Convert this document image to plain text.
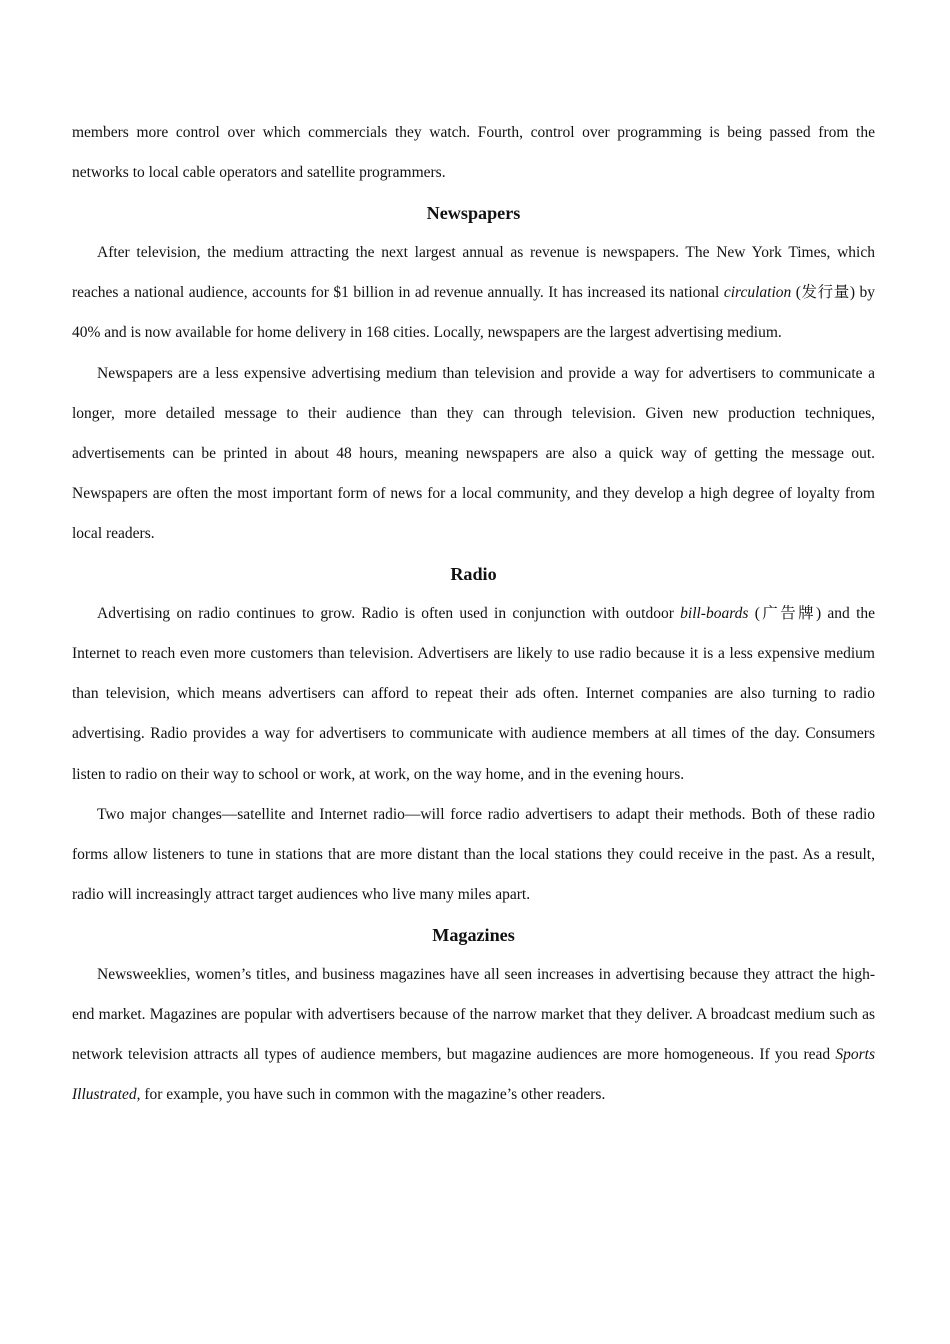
members more control over which commercials they watch. Fourth, control over programming is being passed from the networks to local cable operators and satellite programmers.

Newspapers

After television, the medium attracting the next largest annual as revenue is newspapers. The New York Times, which reaches a national audience, accounts for $1 billion in ad revenue annually. It has increased its national circulation (发行量) by 40% and is now available for home delivery in 168 cities. Locally, newspapers are the largest advertising medium.

Newspapers are a less expensive advertising medium than television and provide a way for advertisers to communicate a longer, more detailed message to their audience than they can through television. Given new production techniques, advertisements can be printed in about 48 hours, meaning newspapers are also a quick way of getting the message out. Newspapers are often the most important form of news for a local community, and they develop a high degree of loyalty from local readers.

Radio

Advertising on radio continues to grow. Radio is often used in conjunction with outdoor bill-boards (广告牌) and the Internet to reach even more customers than television. Advertisers are likely to use radio because it is a less expensive medium than television, which means advertisers can afford to repeat their ads often. Internet companies are also turning to radio advertising. Radio provides a way for advertisers to communicate with audience members at all times of the day. Consumers listen to radio on their way to school or work, at work, on the way home, and in the evening hours.

Two major changes—satellite and Internet radio—will force radio advertisers to adapt their methods. Both of these radio forms allow listeners to tune in stations that are more distant than the local stations they could receive in the past. As a result, radio will increasingly attract target audiences who live many miles apart.

Magazines

Newsweeklies, women’s titles, and business magazines have all seen increases in advertising because they attract the high-end market. Magazines are popular with advertisers because of the narrow market that they deliver. A broadcast medium such as network television attracts all types of audience members, but magazine audiences are more homogeneous. If you read Sports Illustrated, for example, you have such in common with the magazine’s other readers.
